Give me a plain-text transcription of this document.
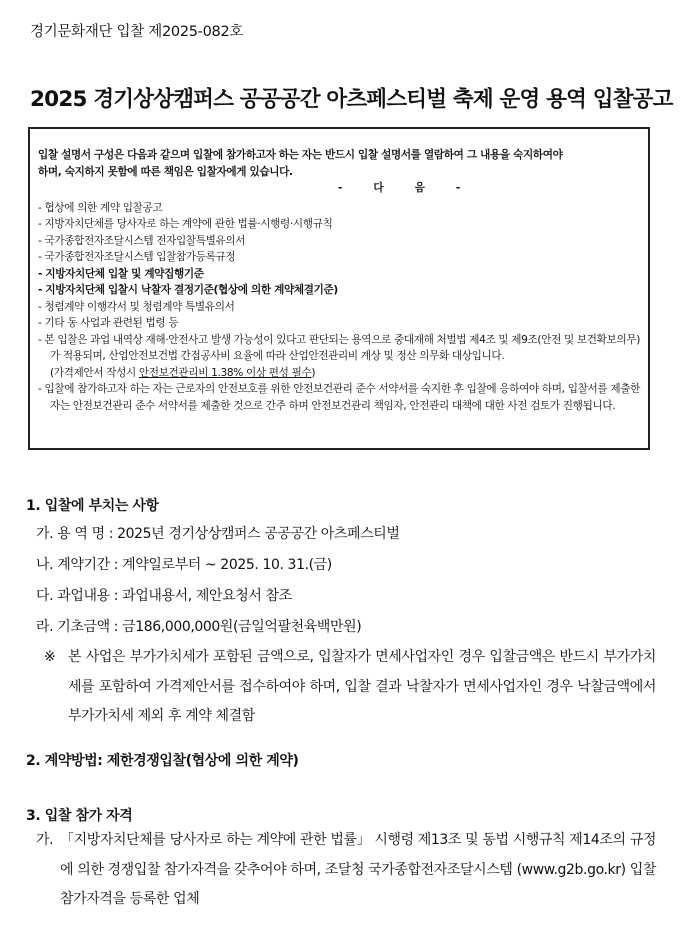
경기문화재단 입찰 제2025-082호
2025 경기상상캠퍼스 공공공간 아츠페스티벌 축제 운영 용역 입찰공고

입찰 설명서 구성은 다음과 같으며 입찰에 참가하고자 하는 자는 반드시 입찰 설명서를 열람하여 그 내용을 숙지하여야

하며, 숙지하지 못함에 따른 책임은 입찰자에게 있습니다.

- 다 음 -

- 협상에 의한 계약 입찰공고
- 지방자치단체를 당사자로 하는 계약에 관한 법률·시행령·시행규칙
- 국가종합전자조달시스템 전자입찰특별유의서
- 국가종합전자조달시스템 입찰참가등록규정
- 지방자치단체 입찰 및 계약집행기준
- 지방자치단체 입찰시 낙찰자 결정기준(협상에 의한 계약체결기준)
- 청렴계약 이행각서 및 청렴계약 특별유의서
- 기타 동 사업과 관련된 법령 등
- 본 입찰은 과업 내역상 재해·안전사고 발생 가능성이 있다고 판단되는 용역으로 중대재해 처벌법 제4조 및 제9조(안전 및 보건확보의무)가 적용되며, 산업안전보건법 간접공사비 요율에 따라 산업안전관리비 계상 및 정산 의무화 대상입니다.
(가격제안서 작성시 안전보건관리비 1.38% 이상 편성 필수)
- 입찰에 참가하고자 하는 자는 근로자의 안전보호를 위한 안전보건관리 준수 서약서를 숙지한 후 입찰에 응하여야 하며, 입찰서를 제출한 자는 안전보건관리 준수 서약서를 제출한 것으로 간주 하며 안전보건관리 책임자, 안전관리 대책에 대한 사전 검토가 진행됩니다.
1. 입찰에 부치는 사항
가. 용 역 명 : 2025년 경기상상캠퍼스 공공공간 아츠페스티벌
나. 계약기간 : 계약일로부터 ~ 2025. 10. 31.(금)
다. 과업내용 : 과업내용서, 제안요청서 참조
라. 기초금액 : 금186,000,000원(금일억팔천육백만원)
※ 본 사업은 부가가치세가 포함된 금액으로, 입찰자가 면세사업자인 경우 입찰금액은 반드시 부가가치세를 포함하여 가격제안서를 접수하여야 하며, 입찰 결과 낙찰자가 면세사업자인 경우 낙찰금액에서 부가가치세 제외 후 계약 체결함
2. 계약방법: 제한경쟁입찰(협상에 의한 계약)
3. 입찰 참가 자격
가. 「지방자치단체를 당사자로 하는 계약에 관한 법률」 시행령 제13조 및 동법 시행규칙 제14조의 규정에 의한 경쟁입찰 참가자격을 갖추어야 하며, 조달청 국가종합전자조달시스템 (www.g2b.go.kr) 입찰참가자격을 등록한 업체
